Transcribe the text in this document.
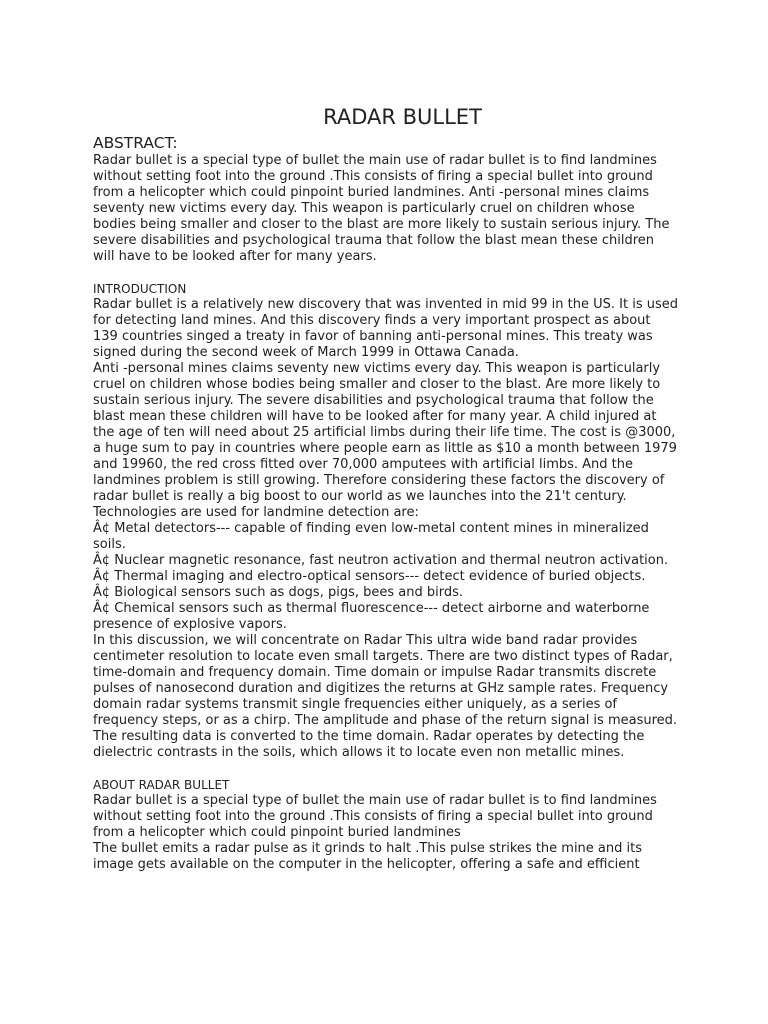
RADAR BULLET
ABSTRACT:

Radar bullet is a special type of bullet the main use of radar bullet is to find landmines without setting foot into the ground .This consists of firing a special bullet into ground from a helicopter which could pinpoint buried landmines. Anti -personal mines claims seventy new victims every day. This weapon is particularly cruel on children whose bodies being smaller and closer to the blast are more likely to sustain serious injury. The severe disabilities and psychological trauma that follow the blast mean these children will have to be looked after for many years.

INTRODUCTION

Radar bullet is a relatively new discovery that was invented in mid 99 in the US. It is used for detecting land mines. And this discovery finds a very important prospect as about 139 countries singed a treaty in favor of banning anti-personal mines. This treaty was signed during the second week of March 1999 in Ottawa Canada.

Anti -personal mines claims seventy new victims every day. This weapon is particularly cruel on children whose bodies being smaller and closer to the blast. Are more likely to sustain serious injury. The severe disabilities and psychological trauma that follow the blast mean these children will have to be looked after for many year. A child injured at the age of ten will need about 25 artificial limbs during their life time. The cost is @3000, a huge sum to pay in countries where people earn as little as $10 a month between 1979 and 19960, the red cross fitted over 70,000 amputees with artificial limbs. And the landmines problem is still growing. Therefore considering these factors the discovery of radar bullet is really a big boost to our world as we launches into the 21't century.

Technologies are used for landmine detection are:

Â¢ Metal detectors--- capable of finding even low-metal content mines in mineralized soils.

Â¢ Nuclear magnetic resonance, fast neutron activation and thermal neutron activation.

Â¢ Thermal imaging and electro-optical sensors--- detect evidence of buried objects.

Â¢ Biological sensors such as dogs, pigs, bees and birds.

Â¢ Chemical sensors such as thermal fluorescence--- detect airborne and waterborne presence of explosive vapors.

In this discussion, we will concentrate on Radar This ultra wide band radar provides centimeter resolution to locate even small targets. There are two distinct types of Radar, time-domain and frequency domain. Time domain or impulse Radar transmits discrete pulses of nanosecond duration and digitizes the returns at GHz sample rates. Frequency domain radar systems transmit single frequencies either uniquely, as a series of frequency steps, or as a chirp. The amplitude and phase of the return signal is measured. The resulting data is converted to the time domain. Radar operates by detecting the dielectric contrasts in the soils, which allows it to locate even non metallic mines.

ABOUT RADAR BULLET

Radar bullet is a special type of bullet the main use of radar bullet is to find landmines without setting foot into the ground .This consists of firing a special bullet into ground from a helicopter which could pinpoint buried landmines

The bullet emits a radar pulse as it grinds to halt .This pulse strikes the mine and its image gets available on the computer in the helicopter, offering a safe and efficient
